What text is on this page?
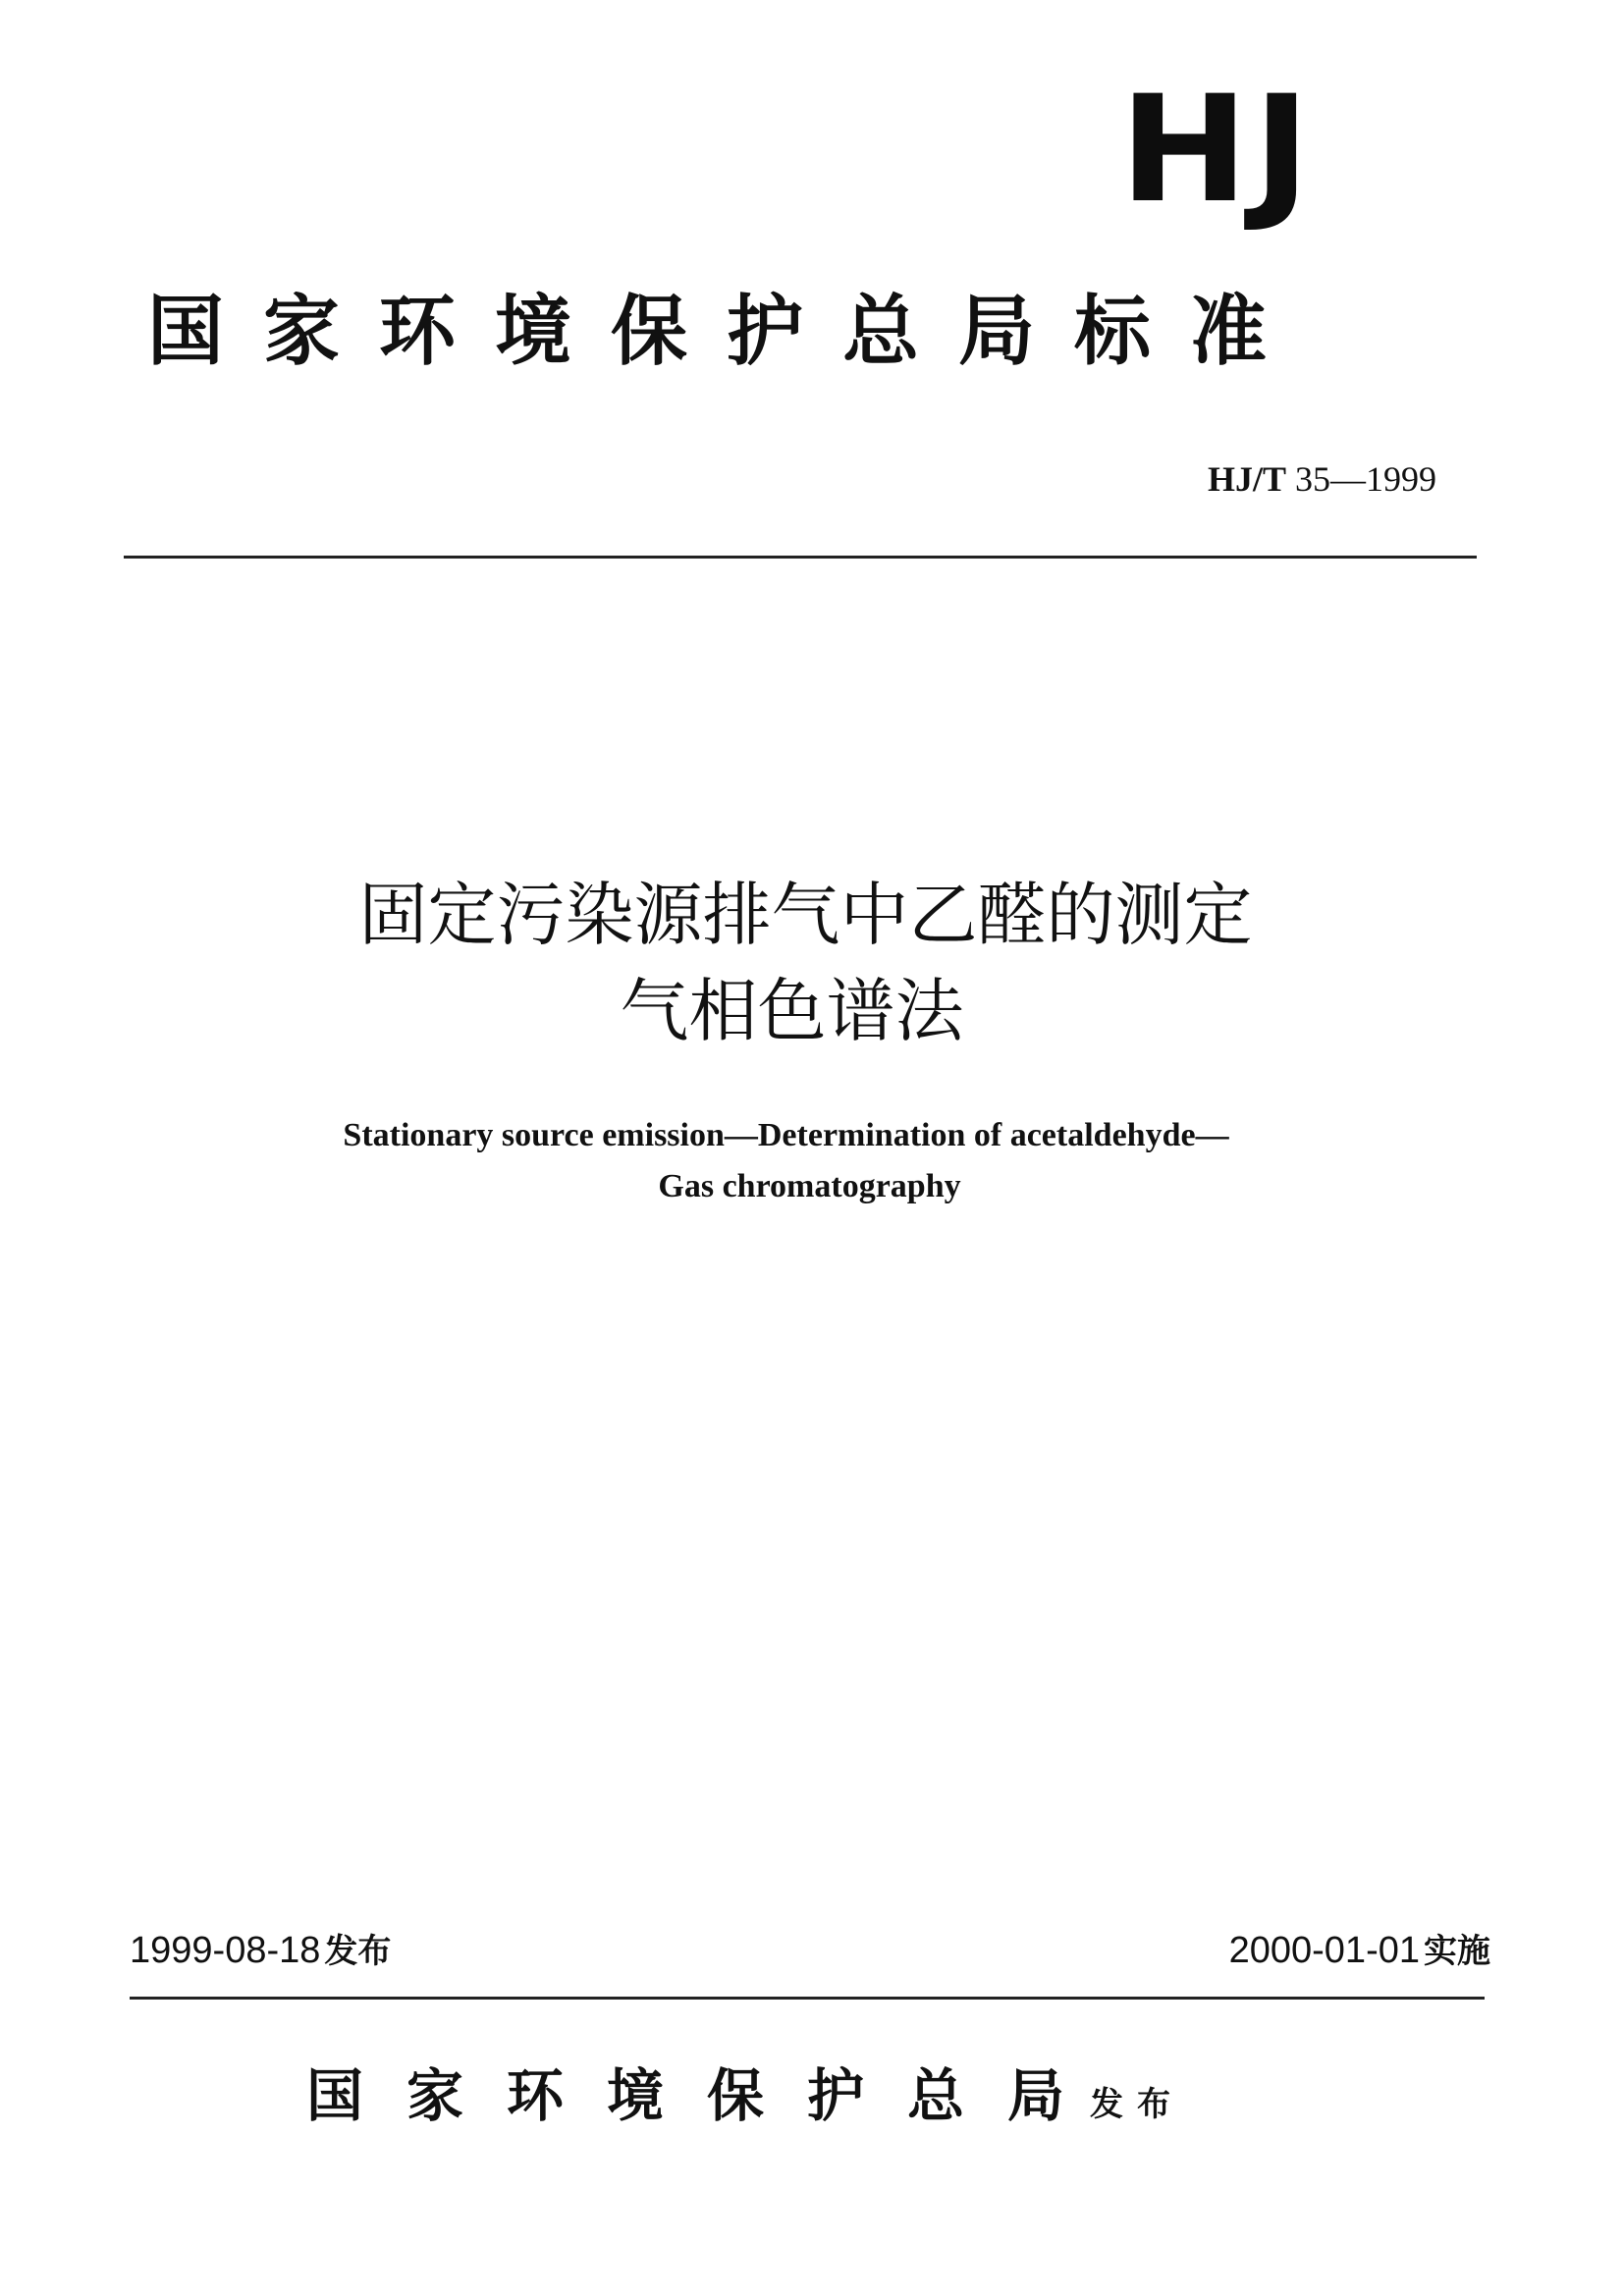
HJ
国家环境保护总局标准
HJ/T 35—1999
固定污染源排气中乙醛的测定
气相色谱法
Stationary source emission—Determination of acetaldehyde—
Gas chromatography
1999-08-18 发布	2000-01-01 实施
国家环境保护总局发布
